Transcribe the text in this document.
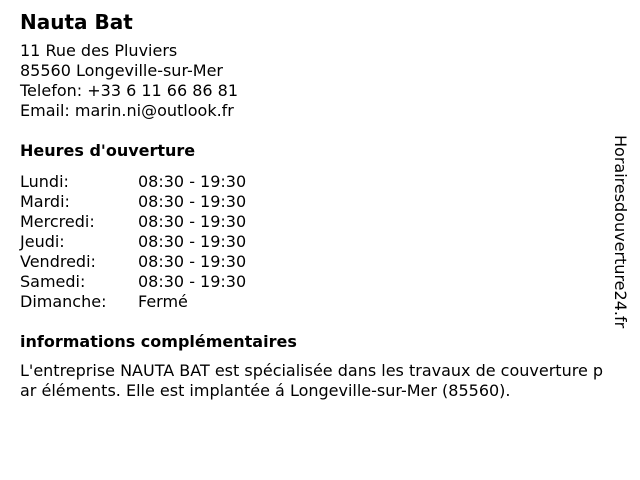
Nauta Bat
11 Rue des Pluviers
85560 Longeville-sur-Mer
Telefon: +33 6 11 66 86 81
Email: marin.ni@outlook.fr
Heures d'ouverture
Lundi:	08:30 - 19:30
Mardi:	08:30 - 19:30
Mercredi:	08:30 - 19:30
Jeudi:	08:30 - 19:30
Vendredi:	08:30 - 19:30
Samedi:	08:30 - 19:30
Dimanche:	Fermé
informations complémentaires
L'entreprise NAUTA BAT est spécialisée dans les travaux de couverture par éléments. Elle est implantée á Longeville-sur-Mer (85560).
Horairesdouverture24.fr
